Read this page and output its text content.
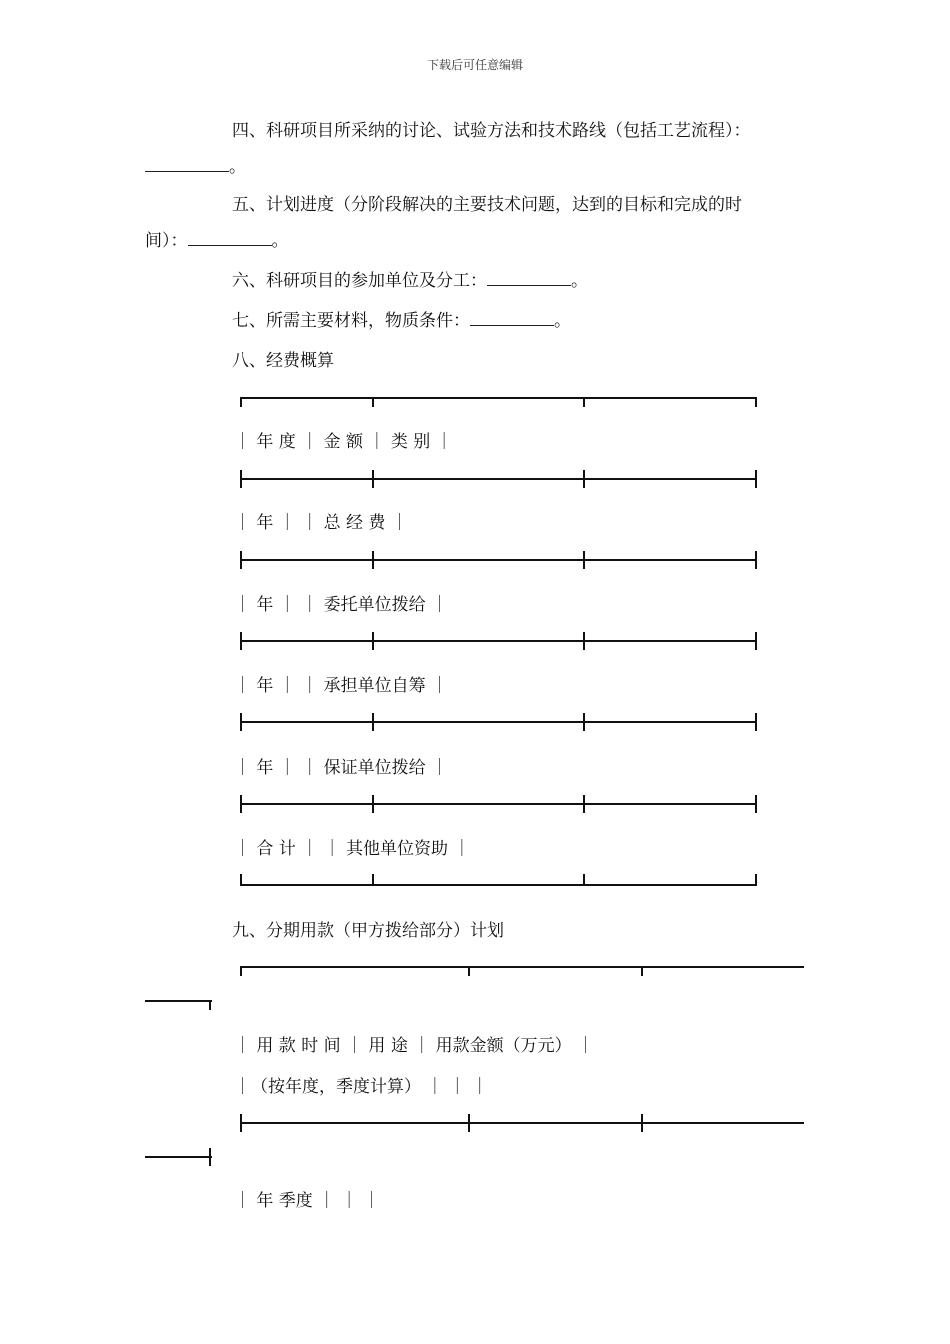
下载后可任意编辑
四、科研项目所采纳的讨论、试验方法和技术路线（包括工艺流程）：
。
五、计划进度（分阶段解决的主要技术问题，达到的目标和完成的时
间）：	。
六、科研项目的参加单位及分工：	。
七、所需主要材料，物质条件：	。
八、经费概算
｜ 年 度 ｜ 金 额 ｜ 类 别 ｜
｜ 年 ｜ ｜ 总 经 费 ｜
｜ 年 ｜ ｜ 委托单位拨给 ｜
｜ 年 ｜ ｜ 承担单位自筹 ｜
｜ 年 ｜ ｜ 保证单位拨给 ｜
｜ 合 计 ｜ ｜ 其他单位资助 ｜
九、分期用款（甲方拨给部分）计划
｜ 用 款 时 间 ｜ 用 途 ｜ 用款金额（万元） ｜
｜（按年度，季度计算） ｜ ｜ ｜
｜ 年 季度 ｜ ｜ ｜
